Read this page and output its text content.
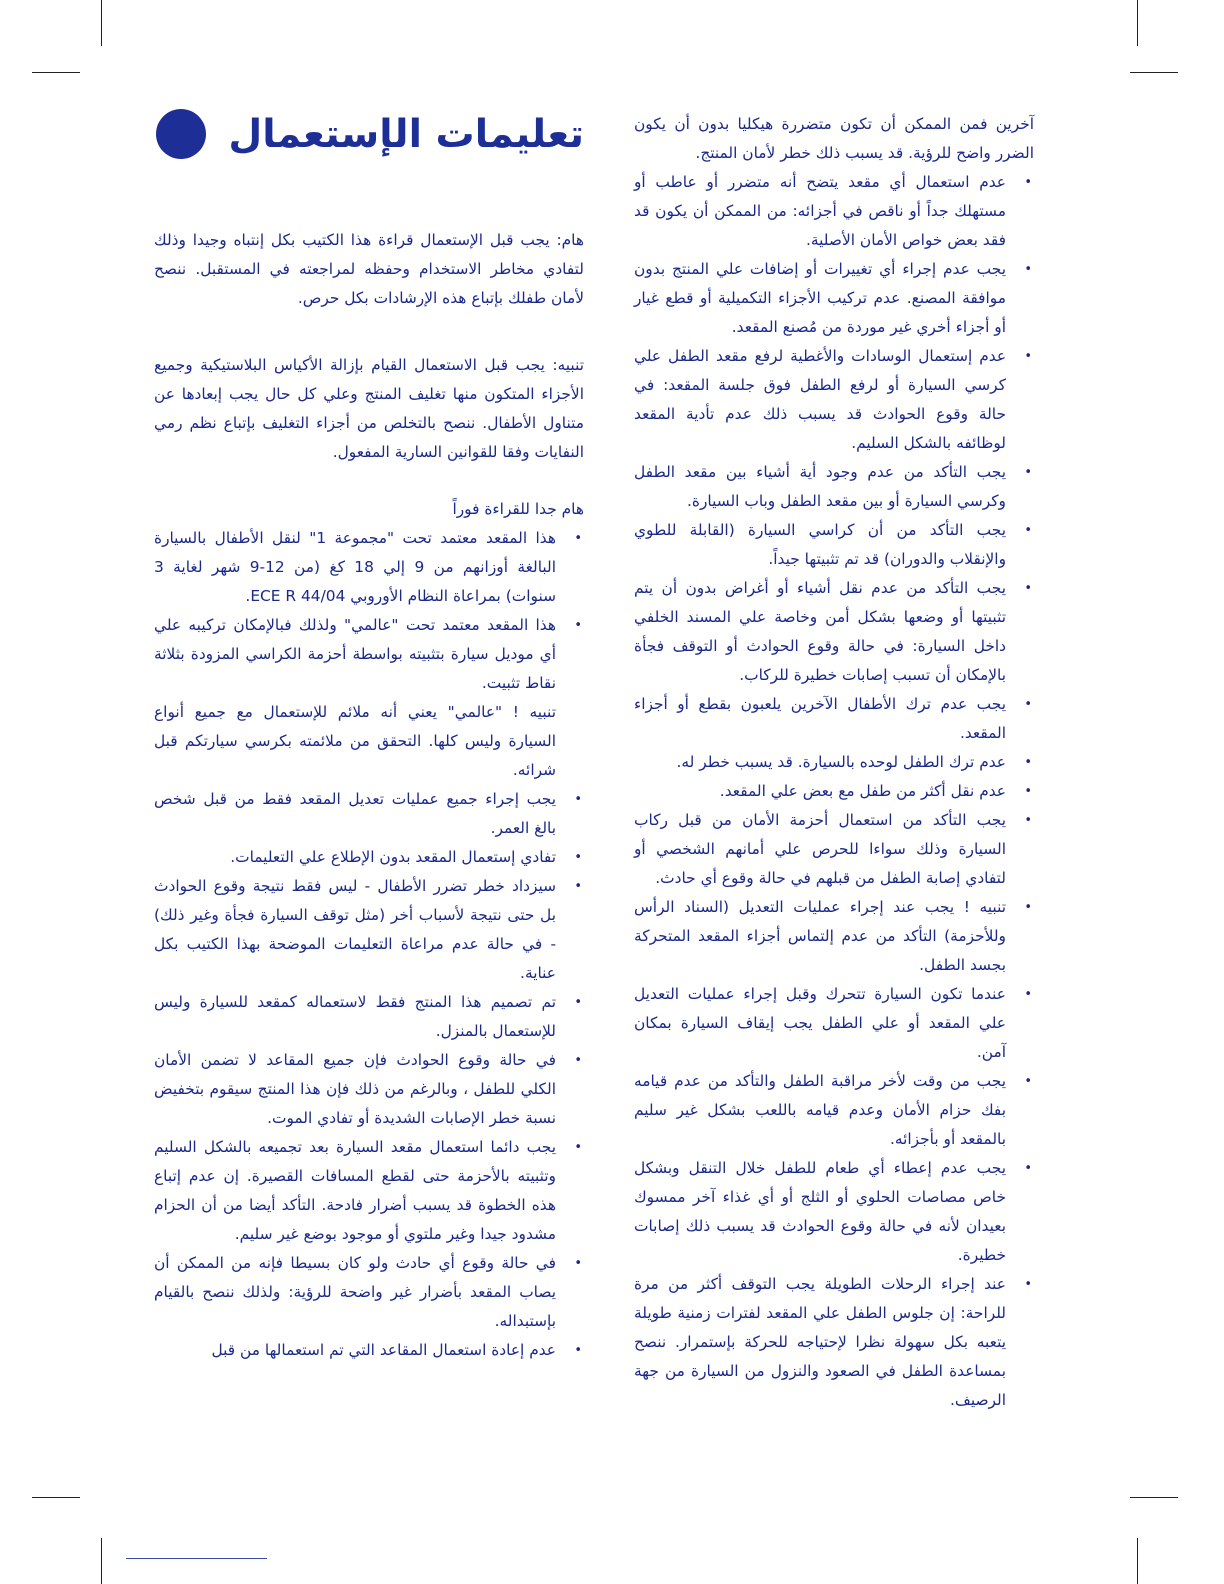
تعليمات الإستعمال

هام: يجب قبل الإستعمال قراءة هذا الكتيب بكل إنتباه وجيدا وذلك لتفادي مخاطر الاستخدام وحفظه لمراجعته في المستقبل. ننصح لأمان طفلك بإتباع هذه الإرشادات بكل حرص.

تنبيه: يجب قبل الاستعمال القيام بإزالة الأكياس البلاستيكية وجميع الأجزاء المتكون منها تغليف المنتج وعلي كل حال يجب إبعادها عن متناول الأطفال. ننصح بالتخلص من أجزاء التغليف بإتباع نظم رمي النفايات وفقا للقوانين السارية المفعول.

هام جدا للقراءة فوراً

• هذا المقعد معتمد تحت "مجموعة 1" لنقل الأطفال بالسيارة البالغة أوزانهم من 9 إلي 18 كغ (من 12-9 شهر لغاية 3 سنوات) بمراعاة النظام الأوروبي ECE R 44/04.
• هذا المقعد معتمد تحت "عالمي" ولذلك فبالإمكان تركيبه علي أي موديل سيارة بتثبيته بواسطة أحزمة الكراسي المزودة بثلاثة نقاط تثبيت.
تنبيه ! "عالمي" يعني أنه ملائم للإستعمال مع جميع أنواع السيارة وليس كلها. التحقق من ملائمته بكرسي سيارتكم قبل شرائه.
• يجب إجراء جميع عمليات تعديل المقعد فقط من قبل شخص بالغ العمر.
• تفادي إستعمال المقعد بدون الإطلاع علي التعليمات.
• سيزداد خطر تضرر الأطفال - ليس فقط نتيجة وقوع الحوادث بل حتى نتيجة لأسباب أخر (مثل توقف السيارة فجأة وغير ذلك) - في حالة عدم مراعاة التعليمات الموضحة بهذا الكتيب بكل عناية.
• تم تصميم هذا المنتج فقط لاستعماله كمقعد للسيارة وليس للإستعمال بالمنزل.
• في حالة وقوع الحوادث فإن جميع المقاعد لا تضمن الأمان الكلي للطفل ، وبالرغم من ذلك فإن هذا المنتج سيقوم بتخفيض نسبة خطر الإصابات الشديدة أو تفادي الموت.
• يجب دائما استعمال مقعد السيارة بعد تجميعه بالشكل السليم وتثبيته بالأحزمة حتى لقطع المسافات القصيرة. إن عدم إتباع هذه الخطوة قد يسبب أضرار فادحة. التأكد أيضا من أن الحزام مشدود جيدا وغير ملتوي أو موجود بوضع غير سليم.
• في حالة وقوع أي حادث ولو كان بسيطا فإنه من الممكن أن يصاب المقعد بأضرار غير واضحة للرؤية: ولذلك ننصح بالقيام بإستبداله.
• عدم إعادة استعمال المقاعد التي تم استعمالها من قبل

آخرين فمن الممكن أن تكون متضررة هيكليا بدون أن يكون الضرر واضح للرؤية. قد يسبب ذلك خطر لأمان المنتج.

• عدم استعمال أي مقعد يتضح أنه متضرر أو عاطب أو مستهلك جداً أو ناقص في أجزائه: من الممكن أن يكون قد فقد بعض خواص الأمان الأصلية.
• يجب عدم إجراء أي تغييرات أو إضافات علي المنتج بدون موافقة المصنع. عدم تركيب الأجزاء التكميلية أو قطع غيار أو أجزاء أخري غير موردة من مُصنع المقعد.
• عدم إستعمال الوسادات والأغطية لرفع مقعد الطفل علي كرسي السيارة أو لرفع الطفل فوق جلسة المقعد: في حالة وقوع الحوادث قد يسبب ذلك عدم تأدية المقعد لوظائفه بالشكل السليم.
• يجب التأكد من عدم وجود أية أشياء بين مقعد الطفل وكرسي السيارة أو بين مقعد الطفل وباب السيارة.
• يجب التأكد من أن كراسي السيارة (القابلة للطوي والإنقلاب والدوران) قد تم تثبيتها جيداً.
• يجب التأكد من عدم نقل أشياء أو أغراض بدون أن يتم تثبيتها أو وضعها بشكل أمن وخاصة علي المسند الخلفي داخل السيارة: في حالة وقوع الحوادث أو التوقف فجأة بالإمكان أن تسبب إصابات خطيرة للركاب.
• يجب عدم ترك الأطفال الآخرين يلعبون بقطع أو أجزاء المقعد.
• عدم ترك الطفل لوحده بالسيارة. قد يسبب خطر له.
• عدم نقل أكثر من طفل مع بعض علي المقعد.
• يجب التأكد من استعمال أحزمة الأمان من قبل ركاب السيارة وذلك سواءا للحرص علي أمانهم الشخصي أو لتفادي إصابة الطفل من قبلهم في حالة وقوع أي حادث.
• تنبيه ! يجب عند إجراء عمليات التعديل (السناد الرأس وللأحزمة) التأكد من عدم إلتماس أجزاء المقعد المتحركة بجسد الطفل.
• عندما تكون السيارة تتحرك وقبل إجراء عمليات التعديل علي المقعد أو علي الطفل يجب إيقاف السيارة بمكان آمن.
• يجب من وقت لأخر مراقبة الطفل والتأكد من عدم قيامه بفك حزام الأمان وعدم قيامه باللعب بشكل غير سليم بالمقعد أو بأجزائه.
• يجب عدم إعطاء أي طعام للطفل خلال التنقل وبشكل خاص مصاصات الحلوي أو الثلج أو أي غذاء آخر ممسوك بعيدان لأنه في حالة وقوع الحوادث قد يسبب ذلك إصابات خطيرة.
• عند إجراء الرحلات الطويلة يجب التوقف أكثر من مرة للراحة: إن جلوس الطفل علي المقعد لفترات زمنية طويلة يتعبه بكل سهولة نظرا لإحتياجه للحركة بإستمرار. ننصح بمساعدة الطفل في الصعود والنزول من السيارة من جهة الرصيف.
